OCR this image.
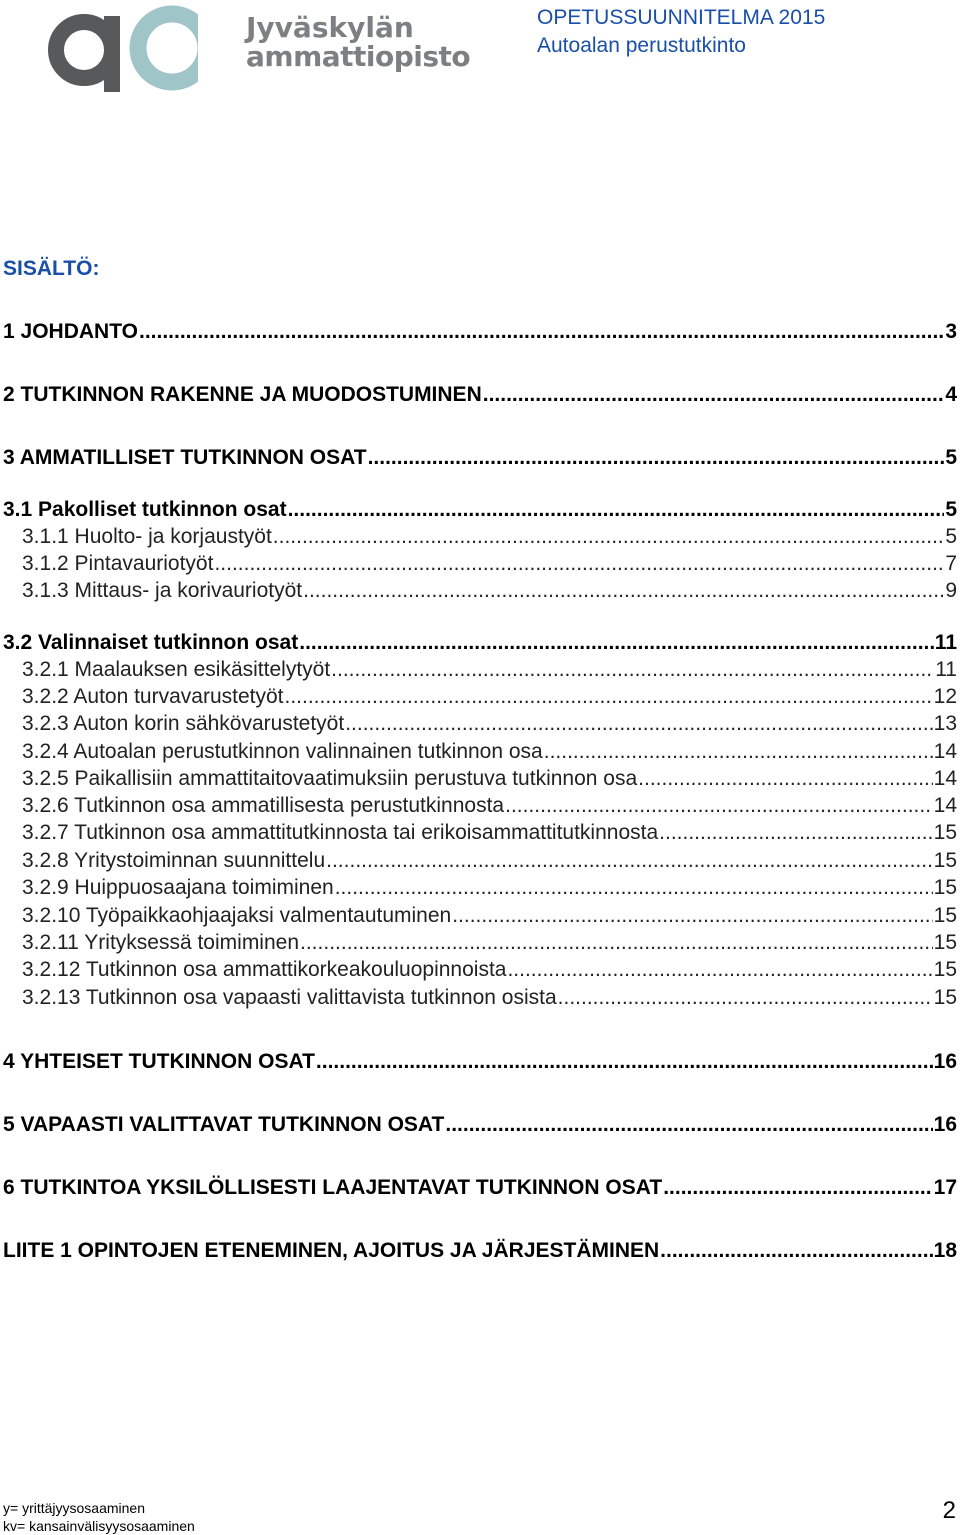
Jyväskylän
ammattiopisto
OPETUSSUUNNITELMA 2015
Autoalan perustutkinto
SISÄLTÖ:
1 JOHDANTO .....	3
2 TUTKINNON RAKENNE JA MUODOSTUMINEN .....	4
3 AMMATILLISET TUTKINNON OSAT .....	5
3.1 Pakolliset tutkinnon osat .....	5
3.1.1 Huolto- ja korjaustyöt .....	5
3.1.2 Pintavauriotyöt .....	7
3.1.3 Mittaus- ja korivauriotyöt .....	9
3.2 Valinnaiset tutkinnon osat .....	11
3.2.1 Maalauksen esikäsittelytyöt .....	11
3.2.2 Auton turvavarustetyöt .....	12
3.2.3 Auton korin sähkövarustetyöt .....	13
3.2.4 Autoalan perustutkinnon valinnainen tutkinnon osa .....	14
3.2.5 Paikallisiin ammattitaitovaatimuksiin perustuva tutkinnon osa .....	14
3.2.6 Tutkinnon osa ammatillisesta perustutkinnosta .....	14
3.2.7 Tutkinnon osa ammattitutkinnosta tai erikoisammattitutkinnosta .....	15
3.2.8 Yritystoiminnan suunnittelu .....	15
3.2.9 Huippuosaajana toimiminen .....	15
3.2.10 Työpaikkaohjaajaksi valmentautuminen .....	15
3.2.11 Yrityksessä toimiminen .....	15
3.2.12 Tutkinnon osa ammattikorkeakouluopinnoista .....	15
3.2.13 Tutkinnon osa vapaasti valittavista tutkinnon osista .....	15
4 YHTEISET TUTKINNON OSAT .....	16
5 VAPAASTI VALITTAVAT TUTKINNON OSAT .....	16
6 TUTKINTOA YKSILÖLLISESTI LAAJENTAVAT TUTKINNON OSAT .....	17
LIITE 1 OPINTOJEN ETENEMINEN, AJOITUS JA JÄRJESTÄMINEN .....	18
y= yrittäjyysosaaminen
kv= kansainvälisyysosaaminen
2
